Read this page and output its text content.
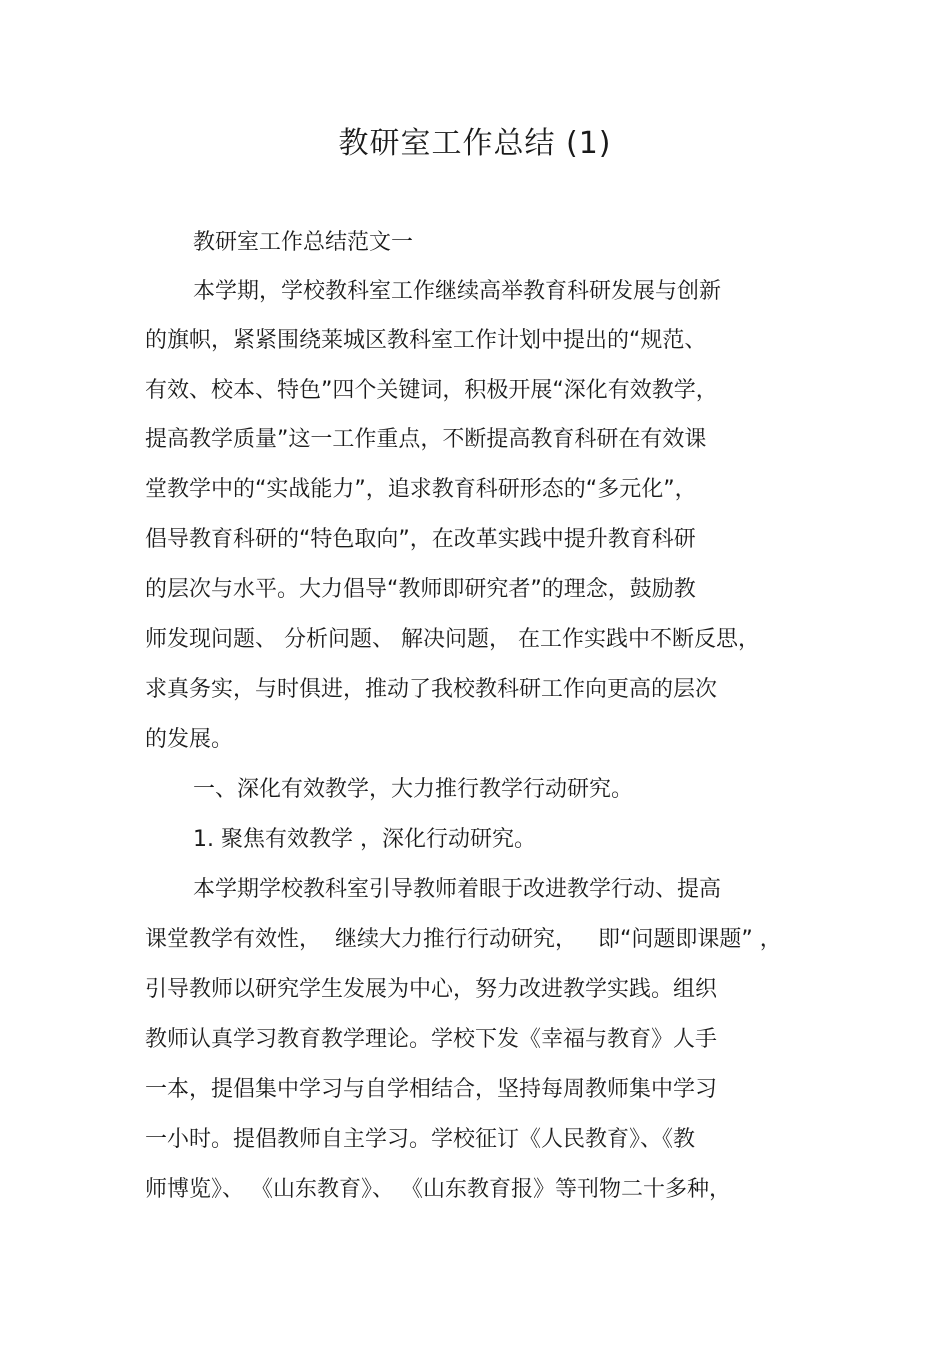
教研室工作总结 (1)
教研室工作总结范文一
本学期，学校教科室工作继续高举教育科研发展与创新
的旗帜，紧紧围绕莱城区教科室工作计划中提出的“规范、
有效、校本、特色”四个关键词，积极开展“深化有效教学，
提高教学质量”这一工作重点，不断提高教育科研在有效课
堂教学中的“实战能力”，追求教育科研形态的“多元化”，
倡导教育科研的“特色取向”，在改革实践中提升教育科研
的层次与水平。大力倡导“教师即研究者”的理念，鼓励教
师发现问题、 分析问题、 解决问题， 在工作实践中不断反思，
求真务实，与时俱进，推动了我校教科研工作向更高的层次
的发展。
一、深化有效教学，大力推行教学行动研究。
1. 聚焦有效教学 ，深化行动研究。
本学期学校教科室引导教师着眼于改进教学行动、提高
课堂教学有效性，  继续大力推行行动研究，   即“问题即课题” ，
引导教师以研究学生发展为中心，努力改进教学实践。组织
教师认真学习教育教学理论。学校下发《幸福与教育》人手
一本，提倡集中学习与自学相结合，坚持每周教师集中学习
一小时。提倡教师自主学习。学校征订《人民教育》、《教
师博览》、 《山东教育》、 《山东教育报》等刊物二十多种，
